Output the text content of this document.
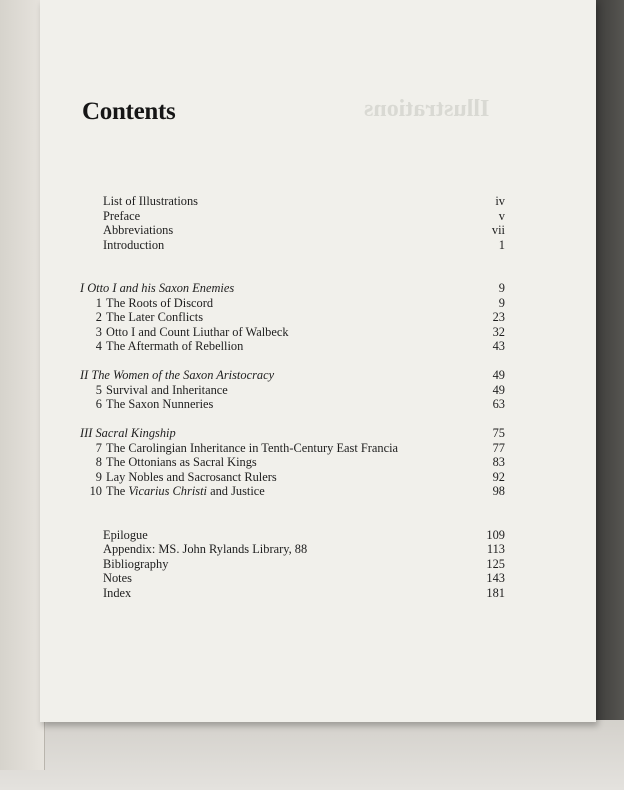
Illustrations
Contents
List of Illustrations	iv
Preface	v
Abbreviations	vii
Introduction	1
I Otto I and his Saxon Enemies	9
1 The Roots of Discord	9
2 The Later Conflicts	23
3 Otto I and Count Liuthar of Walbeck	32
4 The Aftermath of Rebellion	43
II The Women of the Saxon Aristocracy	49
5 Survival and Inheritance	49
6 The Saxon Nunneries	63
III Sacral Kingship	75
7 The Carolingian Inheritance in Tenth-Century East Francia	77
8 The Ottonians as Sacral Kings	83
9 Lay Nobles and Sacrosanct Rulers	92
10 The Vicarius Christi and Justice	98
Epilogue	109
Appendix: MS. John Rylands Library, 88	113
Bibliography	125
Notes	143
Index	181
